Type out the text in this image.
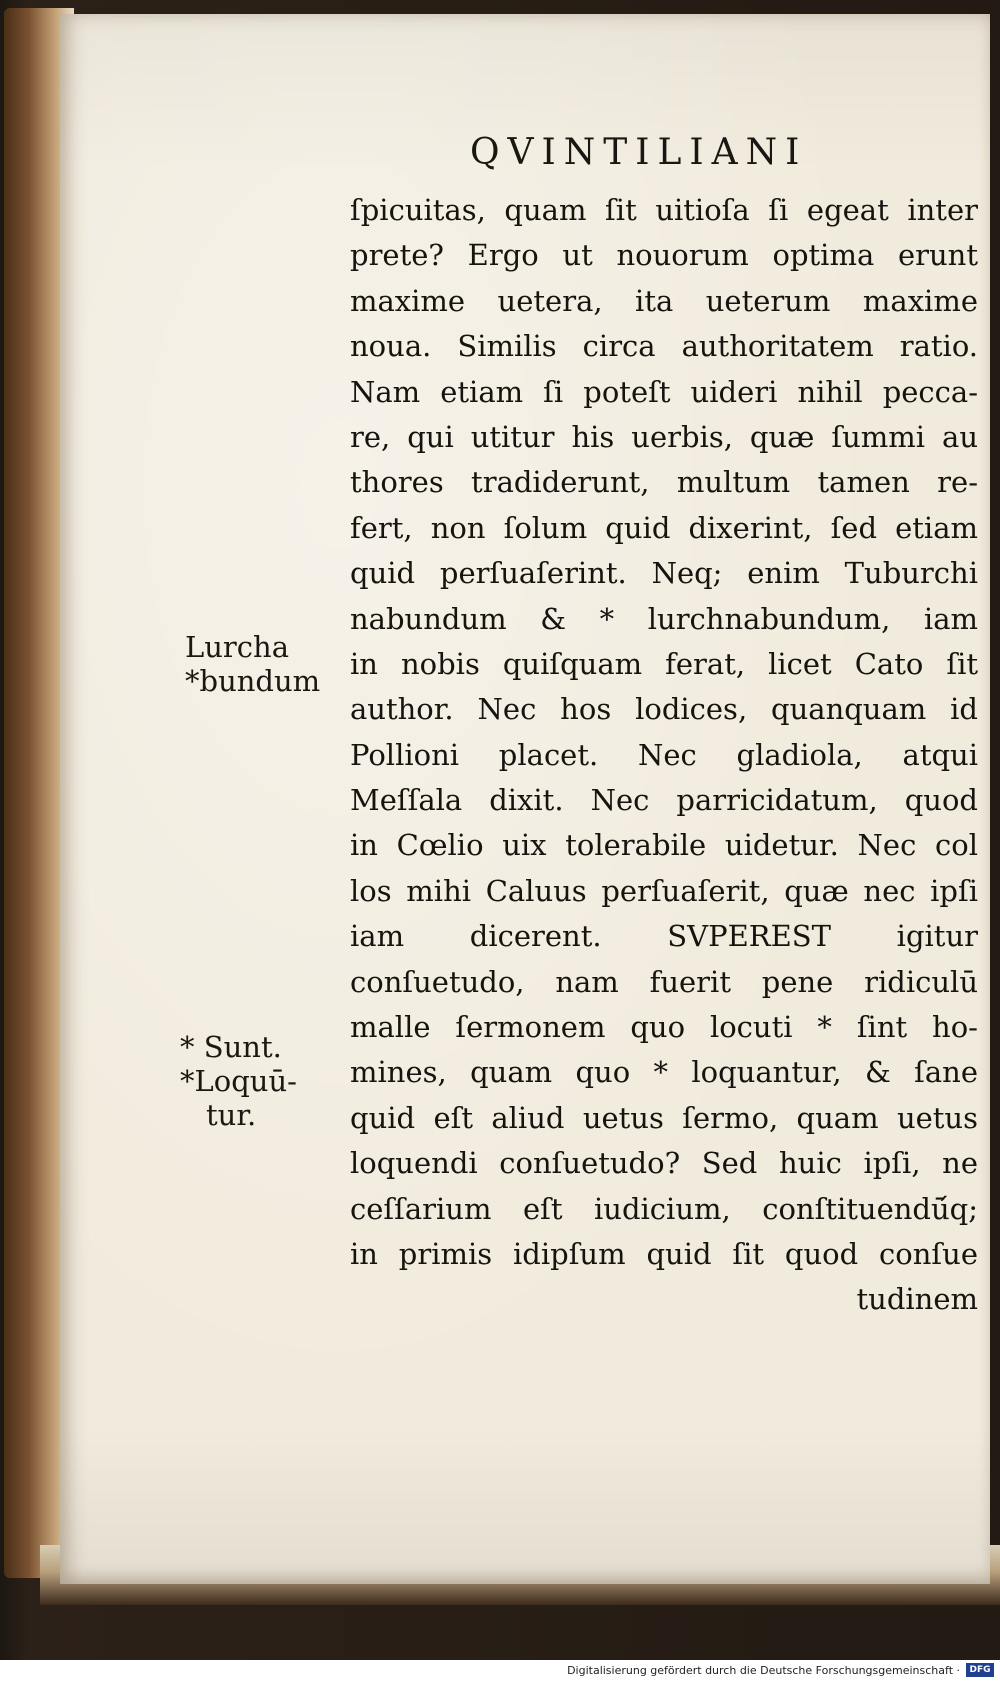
QVINTILIANI
Lurcha
*bundum
* Sunt.
*Loquū-
tur.
ſpicuitas, quam ſit uitioſa ſi egeat inter
prete? Ergo ut nouorum optima erunt
maxime uetera, ita ueterum maxime
noua. Similis circa authoritatem ratio.
Nam etiam ſi poteſt uideri nihil pecca-
re, qui utitur his uerbis, quæ ſummi au
thores tradiderunt, multum tamen re-
fert, non ſolum quid dixerint, ſed etiam
quid perſuaſerint. Neq; enim Tuburchi
nabundum & * lurchnabundum, iam
in nobis quiſquam ferat, licet Cato ſit
author. Nec hos lodices, quanquam id
Pollioni placet. Nec gladiola, atqui
Meſſala dixit. Nec parricidatum, quod
in Cœlio uix tolerabile uidetur. Nec col
los mihi Caluus perſuaſerit, quæ nec ipſi
iam dicerent. SVPEREST igitur
conſuetudo, nam fuerit pene ridiculū
malle ſermonem quo locuti * ſint ho-
mines, quam quo * loquantur, & ſane
quid eſt aliud uetus ſermo, quam uetus
loquendi conſuetudo? Sed huic ipſi, ne
ceſſarium eſt iudicium, conſtituendū́q;
in primis idipſum quid ſit quod conſue
tudinem
Digitalisierung gefördert durch die Deutsche Forschungsgemeinschaft ·	DFG
